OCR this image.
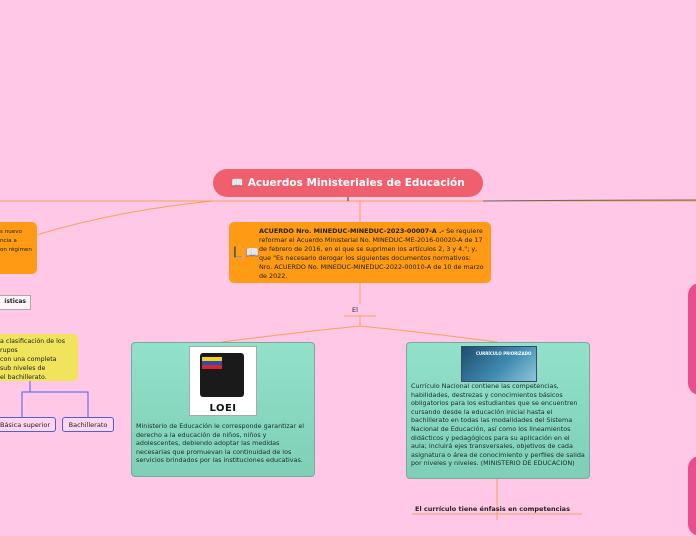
📖 Acuerdos Ministeriales de Educación
📙📖
ACUERDO Nro. MINEDUC-MINEDUC-2023-00007-A .- Se requiere reformar el Acuerdo Ministerial No. MINEDUC-ME-2016-00020-A de 17 de febrero de 2016, en el que se suprimen los artículos 2, 3 y 4."; y, que "Es necesario derogar los siguientes documentos normativos: Nro. ACUERDO No. MINEDUC-MINEDUC-2022-00010-A de 10 de marzo de 2022.
El
LOEI
Ministerio de Educación le corresponde garantizar el derecho a la educación de niños, niños y adolescentes, debiendo adoptar las medidas necesarias que promuevan la continuidad de los servicios brindados por las instituciones educativas.
CURRÍCULO PRIORIZADO
Currículo Nacional contiene las competencias, habilidades, destrezas y conocimientos básicos obligatorios para los estudiantes que se encuentren cursando desde la educación inicial hasta el bachillerato en todas las modalidades del Sistema Nacional de Educación, así como los lineamientos didácticos y pedagógicos para su aplicación en el aula; incluirá ejes transversales, objetivos de cada asignatura o área de conocimiento y perfiles de salida por niveles y niveles. (MINISTERIO DE EDUCACION)
El currículo tiene énfasis en competencias
s nuevo
ncia a
on régimen
ísticas
a clasificación de los
rupos
con una completa
sub niveles de
el bachillerato.
Básica superior	Bachillerato
